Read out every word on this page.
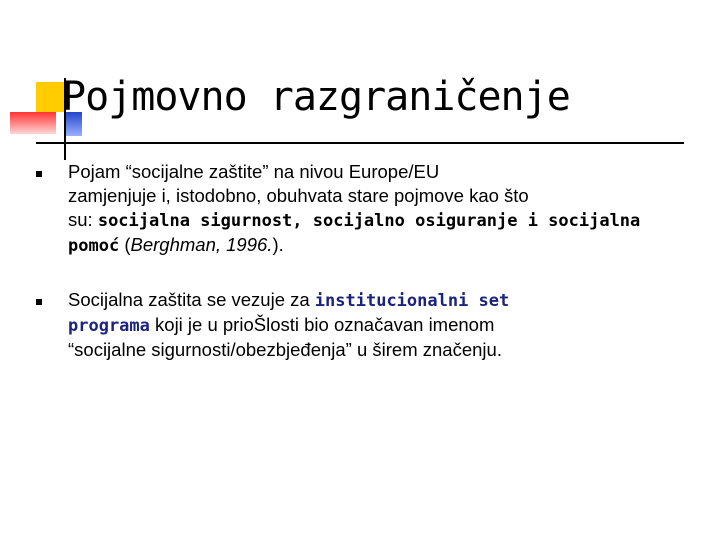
Pojmovno razgraničenje
Pojam “socijalne zaštite” na nivou Europe/EU
zamjenjuje i, istodobno, obuhvata stare pojmove kao što
su: socijalna sigurnost, socijalno osiguranje i socijalna
pomoć (Berghman, 1996.).
Socijalna zaštita se vezuje za institucionalni set
programa koji je u prioŠlosti bio označavan imenom
“socijalne sigurnosti/obezbjeđenja” u širem značenju.
